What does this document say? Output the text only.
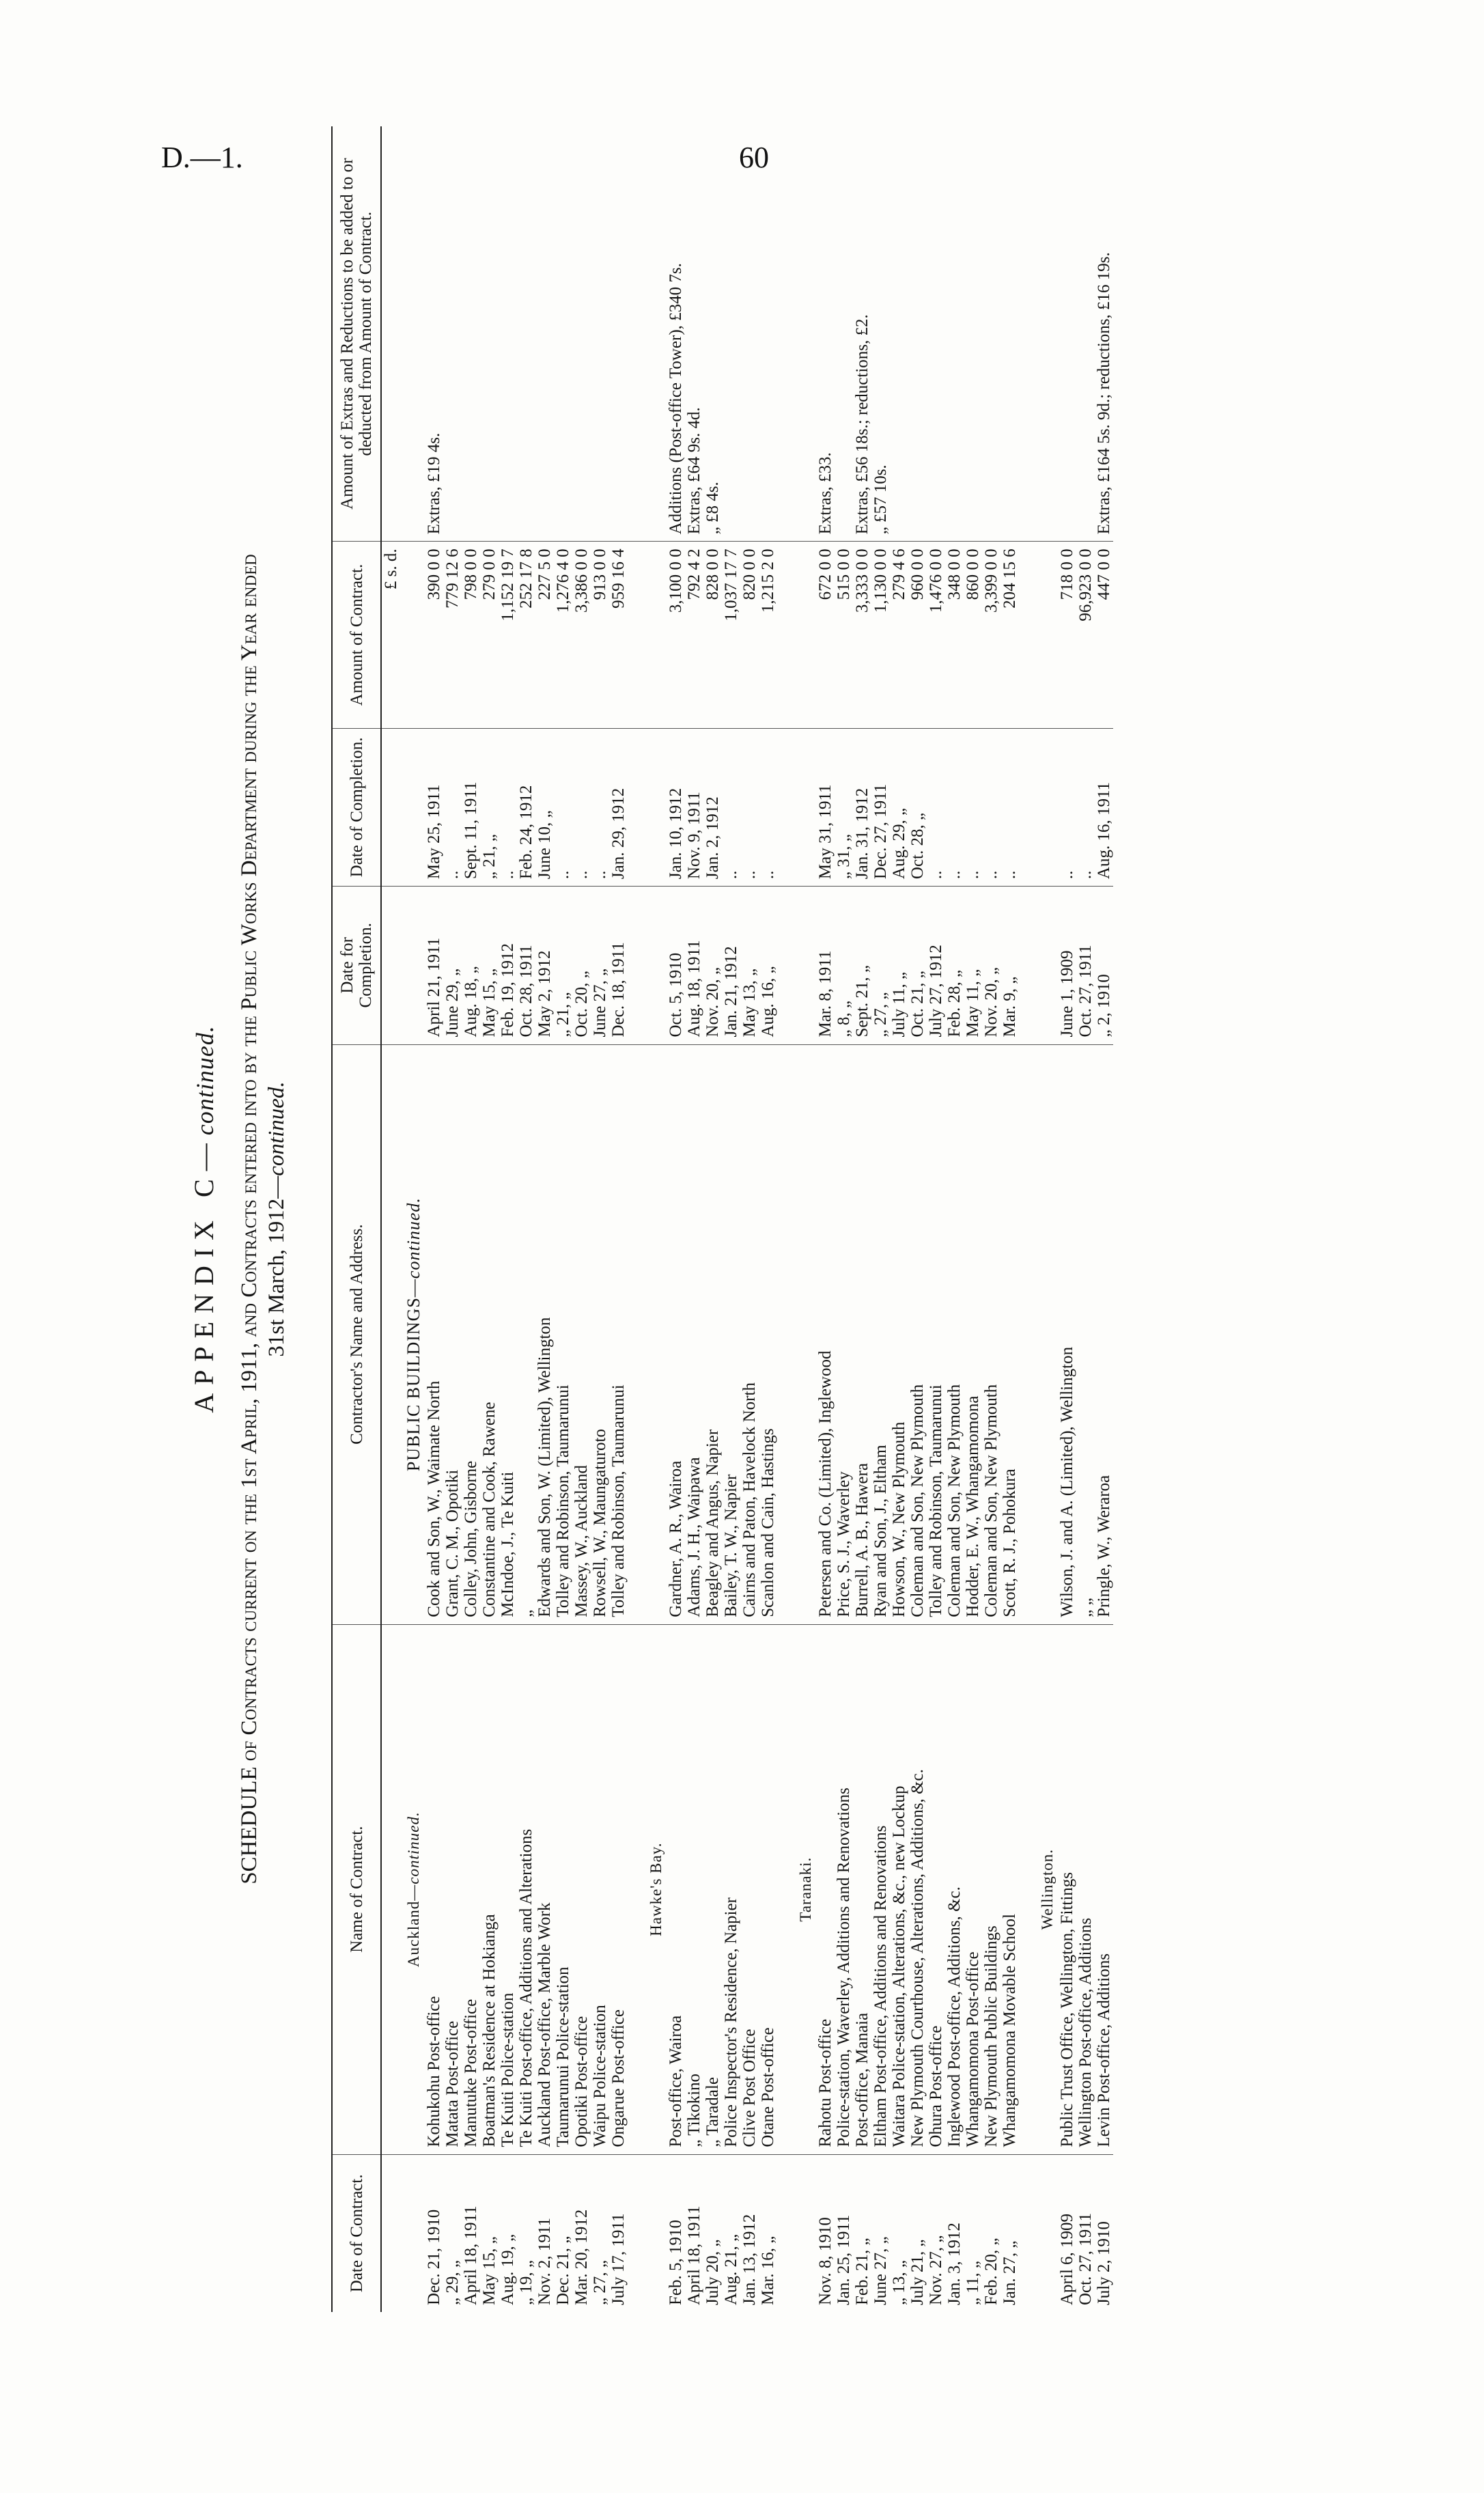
D.—1.	60
APPENDIX C—continued. SCHEDULE of Contracts current on the 1st April, 1911, and Contracts entered into by the Public Works Department during the Year ended 31st March, 1912—continued.
Date of Contract.	Name of Contract.	Contractor's Name and Address.	Date for Completion.	Date of Completion.	Amount of Contract.	Amount of Extras and Reductions to be added to or deducted from Amount of Contract.
					£ s. d.	
	Auckland—continued.	PUBLIC BUILDINGS—continued.				
Dec. 21, 1910	Kohukohu Post-office	Cook and Son, W., Waimate North	April 21, 1911	May 25, 1911	390 0 0	Extras, £19 4s.
„ 29, „	Matata Post-office	Grant, C. M., Opotiki	June 29, „	..	779 12 6	
April 18, 1911	Manutuke Post-office	Colley, John, Gisborne	Aug. 18, „	Sept. 11, 1911	798 0 0	
May 15, „	Boatman's Residence at Hokianga	Constantine and Cook, Rawene	May 15, „	„ 21, „	279 0 0	
Aug. 19, „	Te Kuiti Police-station	McIndoe, J., Te Kuiti	Feb. 19, 1912	..	1,152 19 7	
„ 19, „	Te Kuiti Post-office, Additions and Alterations	„	Oct. 28, 1911	Feb. 24, 1912	252 17 8	
Nov. 2, 1911	Auckland Post-office, Marble Work	Edwards and Son, W. (Limited), Wellington	May 2, 1912	June 10, „	227 5 0	
Dec. 21, „	Taumarunui Police-station	Tolley and Robinson, Taumarunui	„ 21, „	..	1,276 4 0	
Mar. 20, 1912	Opotiki Post-office	Massey, W., Auckland	Oct. 20, „	..	3,386 0 0	
„ 27, „	Waipu Police-station	Rowsell, W., Maungaturoto	June 27, „	..	913 0 0	
July 17, 1911	Ongarue Post-office	Tolley and Robinson, Taumarunui	Dec. 18, 1911	Jan. 29, 1912	959 16 4	

	Hawke's Bay.					
Feb. 5, 1910	Post-office, Wairoa	Gardner, A. R., Wairoa	Oct. 5, 1910	Jan. 10, 1912	3,100 0 0	Additions (Post-office Tower), £340 7s.
April 18, 1911	„ Tikokino	Adams, J. H., Waipawa	Aug. 18, 1911	Nov. 9, 1911	792 4 2	Extras, £64 9s. 4d.
July 20, „	„ Taradale	Beagley and Angus, Napier	Nov. 20, „	Jan. 2, 1912	828 0 0	„ £8 4s.
Aug. 21, „	Police Inspector's Residence, Napier	Bailey, T. W., Napier	Jan. 21, 1912	..	1,037 17 7	
Jan. 13, 1912	Clive Post Office	Cairns and Paton, Havelock North	May 13, „	..	820 0 0	
Mar. 16, „	Otane Post-office	Scanlon and Cain, Hastings	Aug. 16, „	..	1,215 2 0	

	Taranaki.					
Nov. 8, 1910	Rahotu Post-office	Petersen and Co. (Limited), Inglewood	Mar. 8, 1911	May 31, 1911	672 0 0	Extras, £33.
Jan. 25, 1911	Police-station, Waverley, Additions and Renovations	Price, S. J., Waverley	„ 8, „	„ 31, „	515 0 0	
Feb. 21, „	Post-office, Manaia	Burrell, A. B., Hawera	Sept. 21, „	Jan. 31, 1912	3,333 0 0	Extras, £56 18s.; reductions, £2.
June 27, „	Eltham Post-office, Additions and Renovations	Ryan and Son, J., Eltham	„ 27, „	Dec. 27, 1911	1,130 0 0	„ £57 10s.
„ 13, „	Waitara Police-station, Alterations, &c., new Lockup	Howson, W., New Plymouth	July 11, „	Aug. 29, „	279 4 6	
July 21, „	New Plymouth Courthouse, Alterations, Additions, &c.	Coleman and Son, New Plymouth	Oct. 21, „	Oct. 28, „	960 0 0	
Nov. 27, „	Ohura Post-office	Tolley and Robinson, Taumarunui	July 27, 1912	..	1,476 0 0	
Jan. 3, 1912	Inglewood Post-office, Additions, &c.	Coleman and Son, New Plymouth	Feb. 28, „	..	348 0 0	
„ 11, „	Whangamomona Post-office	Hodder, E. W., Whangamomona	May 11, „	..	860 0 0	
Feb. 20, „	New Plymouth Public Buildings	Coleman and Son, New Plymouth	Nov. 20, „	..	3,399 0 0	
Jan. 27, „	Whangamomona Movable School	Scott, R. J., Pohokura	Mar. 9, „	..	204 15 6	

	Wellington.					
April 6, 1909	Public Trust Office, Wellington, Fittings	Wilson, J. and A. (Limited), Wellington	June 1, 1909	..	718 0 0	
Oct. 27, 1911	Wellington Post-office, Additions	„ „	Oct. 27, 1911	..	96,923 0 0	
July 2, 1910	Levin Post-office, Additions	Pringle, W., Weraroa	„ 2, 1910	Aug. 16, 1911	447 0 0	Extras, £164 5s. 9d.; reductions, £16 19s.
